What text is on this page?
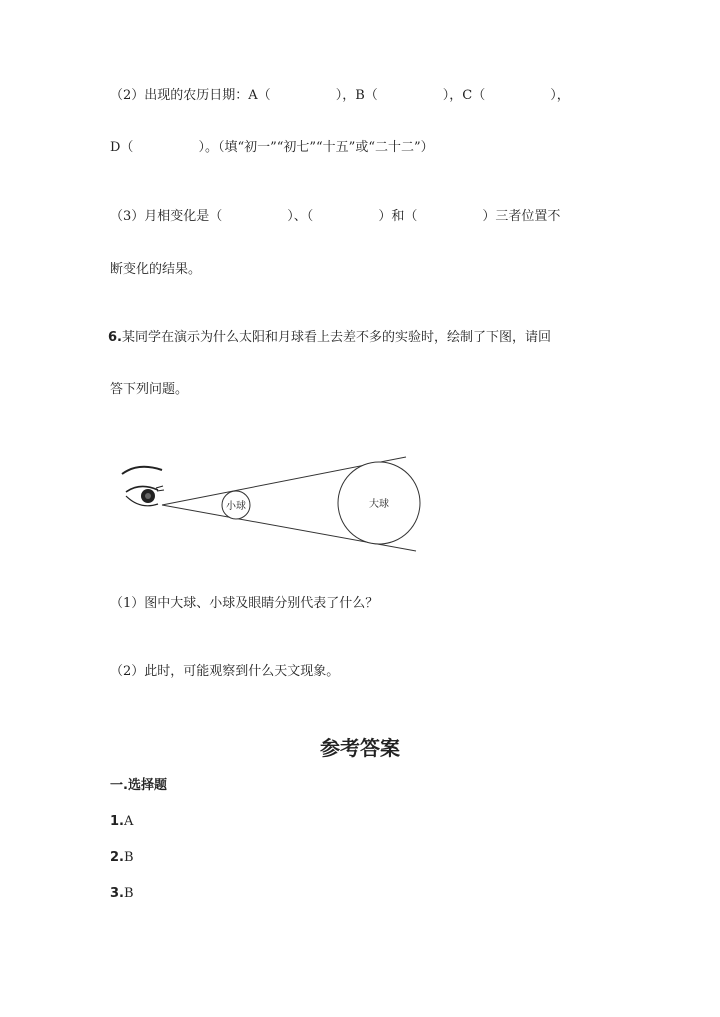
（2）出现的农历日期：A（　　　　　	），B（　　　　　	），C（　　　　　	），
D（　　　　　	）。（填“初一”“初七”“十五”或“二十二”）
（3）月相变化是（　　　　　	）、（　　　　　	）和（　　　　　	）三者位置不
断变化的结果。
6.某同学在演示为什么太阳和月球看上去差不多的实验时，绘制了下图，请回
答下列问题。
小球	大球
（1）图中大球、小球及眼睛分别代表了什么？
（2）此时，可能观察到什么天文现象。
参考答案
一.选择题
1.A
2.B
3.B
